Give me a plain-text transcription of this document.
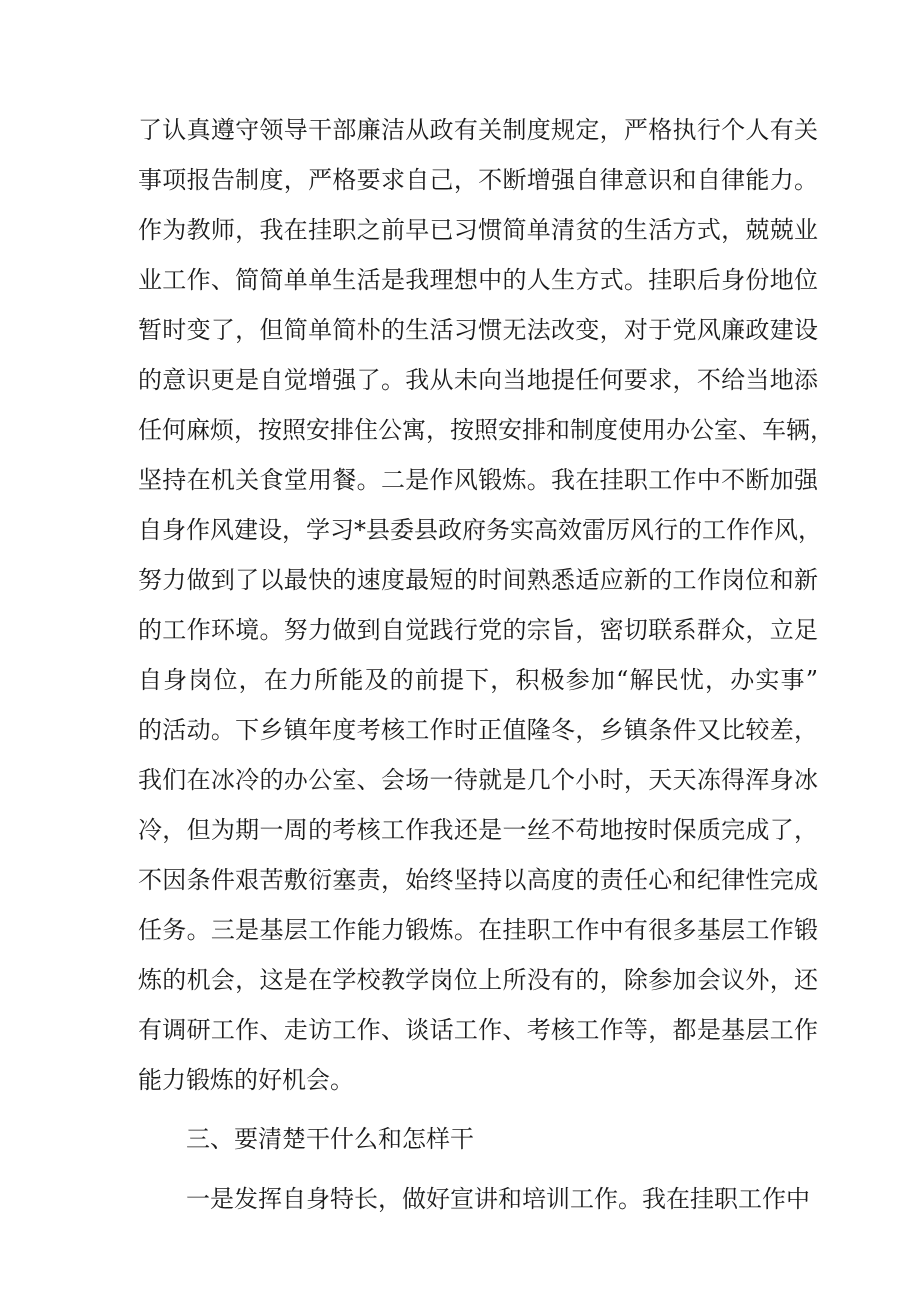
了认真遵守领导干部廉洁从政有关制度规定，严格执行个人有关
事项报告制度，严格要求自己，不断增强自律意识和自律能力。
作为教师，我在挂职之前早已习惯简单清贫的生活方式，兢兢业
业工作、简简单单生活是我理想中的人生方式。挂职后身份地位
暂时变了，但简单简朴的生活习惯无法改变，对于党风廉政建设
的意识更是自觉增强了。我从未向当地提任何要求，不给当地添
任何麻烦，按照安排住公寓，按照安排和制度使用办公室、车辆，
坚持在机关食堂用餐。二是作风锻炼。我在挂职工作中不断加强
自身作风建设，学习*县委县政府务实高效雷厉风行的工作作风，
努力做到了以最快的速度最短的时间熟悉适应新的工作岗位和新
的工作环境。努力做到自觉践行党的宗旨，密切联系群众，立足
自身岗位，在力所能及的前提下，积极参加“解民忧，办实事”
的活动。下乡镇年度考核工作时正值隆冬，乡镇条件又比较差，
我们在冰冷的办公室、会场一待就是几个小时，天天冻得浑身冰
冷，但为期一周的考核工作我还是一丝不苟地按时保质完成了，
不因条件艰苦敷衍塞责，始终坚持以高度的责任心和纪律性完成
任务。三是基层工作能力锻炼。在挂职工作中有很多基层工作锻
炼的机会，这是在学校教学岗位上所没有的，除参加会议外，还
有调研工作、走访工作、谈话工作、考核工作等，都是基层工作
能力锻炼的好机会。
三、要清楚干什么和怎样干
一是发挥自身特长，做好宣讲和培训工作。我在挂职工作中
